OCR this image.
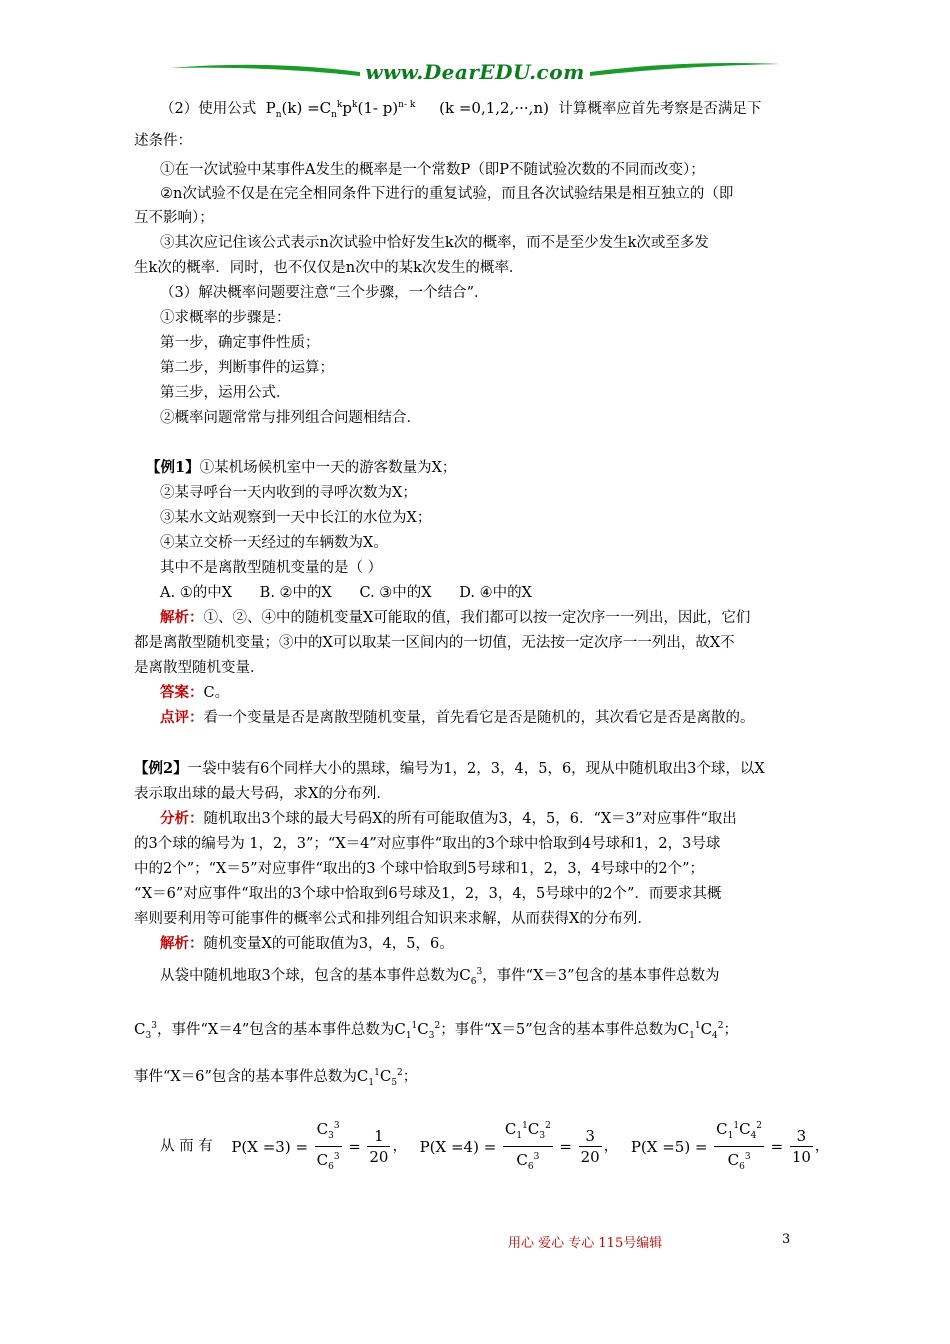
www.DearEDU.com
（2）使用公式  $P_n(k) =C_n^kp^k(1-$ p)$^{n- k}$     (k =0,1,2,···,n)  计算概率应首先考察是否满足下
述条件：
①在一次试验中某事件A发生的概率是一个常数P（即P不随试验次数的不同而改变）；
②n次试验不仅是在完全相同条件下进行的重复试验，而且各次试验结果是相互独立的（即
互不影响）；
③其次应记住该公式表示n次试验中恰好发生k次的概率，而不是至少发生k次或至多发
生k次的概率．同时，也不仅仅是n次中的某k次发生的概率．
（3）解决概率问题要注意“三个步骤，一个结合”．
①求概率的步骤是：
第一步，确定事件性质；
第二步，判断事件的运算；
第三步，运用公式．
②概率问题常常与排列组合问题相结合．
【例1】①某机场候机室中一天的游客数量为X；
②某寻呼台一天内收到的寻呼次数为X；
③某水文站观察到一天中长江的水位为X；
④某立交桥一天经过的车辆数为X。
其中不是离散型随机变量的是（ ）
A. ①的中X      B. ②中的X      C. ③中的X      D. ④中的X
解析：①、②、④中的随机变量X可能取的值，我们都可以按一定次序一一列出，因此，它们
都是离散型随机变量；③中的X可以取某一区间内的一切值，无法按一定次序一一列出，故X不
是离散型随机变量．
答案：C。
点评：看一个变量是否是离散型随机变量，首先看它是否是随机的，其次看它是否是离散的。
【例2】一袋中装有6个同样大小的黑球，编号为1，2，3，4，5，6，现从中随机取出3个球，以X
表示取出球的最大号码，求X的分布列．
分析：随机取出3个球的最大号码X的所有可能取值为3，4，5，6．“X＝3”对应事件“取出
的3个球的编号为 1，2，3”；“X＝4”对应事件“取出的3个球中恰取到4号球和1，2，3号球
中的2个”；“X＝5”对应事件“取出的3 个球中恰取到5号球和1，2，3，4号球中的2个”；
“X＝6”对应事件“取出的3个球中恰取到6号球及1，2，3，4，5号球中的2个”．而要求其概
率则要利用等可能事件的概率公式和排列组合知识来求解，从而获得X的分布列．
解析：随机变量X的可能取值为3，4，5，6。
从袋中随机地取3个球，包含的基本事件总数为$C_6^3$，事件“X＝3”包含的基本事件总数为
$C_3^3$，事件“X＝4”包含的基本事件总数为$C_1^1C_3^2$；事件“X＝5”包含的基本事件总数为$C_1^1C_4^2$；
事件“X＝6”包含的基本事件总数为$C_1^1C_5^2$；
从 而 有 $P(X =3) = \frac{C_3^3}{C_6^3} = \frac{1}{20}$ ， $P(X =4) = \frac{C_1^1C_3^2}{C_6^3} = \frac{3}{20}$ ， $P(X =5) = \frac{C_1^1C_4^2}{C_6^3} = \frac{3}{10}$ ，
用心 爱心 专心 115号编辑	3
